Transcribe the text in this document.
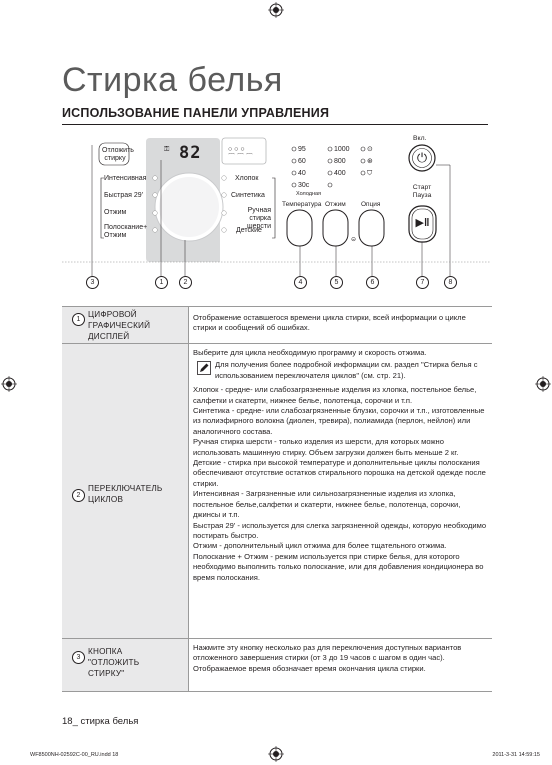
Стирка белья
ИСПОЛЬЗОВАНИЕ ПАНЕЛИ УПРАВЛЕНИЯ
82
⚿	○ ○ ○
⌒ ⌒ ⌒
Отложить стирку
Интенсивная
Быстрая 29'
Отжим
Полоскание+ Отжим
Хлопок
Синтетика
Ручная стирка шерсти
Детские
95
60
40
30с
Холодная
1000
800
400
⊙
⊛
⛉
Температура Отжим Опция
⊝
Вкл.
⏻
Старт Пауза
▶‖
3	1	2	4	5	6	7	8
1
ЦИФРОВОЙ ГРАФИЧЕСКИЙ ДИСПЛЕЙ

Отображение оставшегося времени цикла стирки, всей информации о цикле стирки и сообщений об ошибках.

2
ПЕРЕКЛЮЧАТЕЛЬ ЦИКЛОВ

Выберите для цикла необходимую программу и скорость отжима.

Для получения более подробной информации см. раздел "Стирка белья с использованием переключателя циклов" (см. стр. 21).

Хлопок - средне- или слабозагрязненные изделия из хлопка, постельное белье, салфетки и скатерти, нижнее белье, полотенца, сорочки и т.п.

Синтетика - средне- или слабозагрязненные блузки, сорочки и т.п., изготовленные из полиэфирного волокна (диолен, тревира), полиамида (перлон, нейлон) или аналогичного состава.

Ручная стирка шерсти - только изделия из шерсти, для которых можно использовать машинную стирку. Объем загрузки должен быть меньше 2 кг.

Детские - стирка при высокой температуре и дополнительные циклы полоскания обеспечивают отсутствие остатков стирального порошка на детской одежде после стирки.

Интенсивная - Загрязненные или сильнозагрязненные изделия из хлопка, постельное белье,салфетки и скатерти, нижнее белье, полотенца, сорочки, джинсы и т.п.

Быстрая 29' - используется для слегка загрязненной одежды, которую необходимо постирать быстро.

Отжим - дополнительный цикл отжима для более тщательного отжима.

Полоскание + Отжим - режим используется при стирке белья, для которого необходимо выполнить только полоскание, или для добавления кондиционера во время полоскания.

3
КНОПКА "ОТЛОЖИТЬ СТИРКУ"

Нажмите эту кнопку несколько раз для переключения доступных вариантов отложенного завершения стирки (от 3 до 19 часов с шагом в один час). Отображаемое время обозначает время окончания цикла стирки.

18_ стирка белья
WF8500NH-02592C-00_RU.indd 18	2011-3-31 14:59:15
